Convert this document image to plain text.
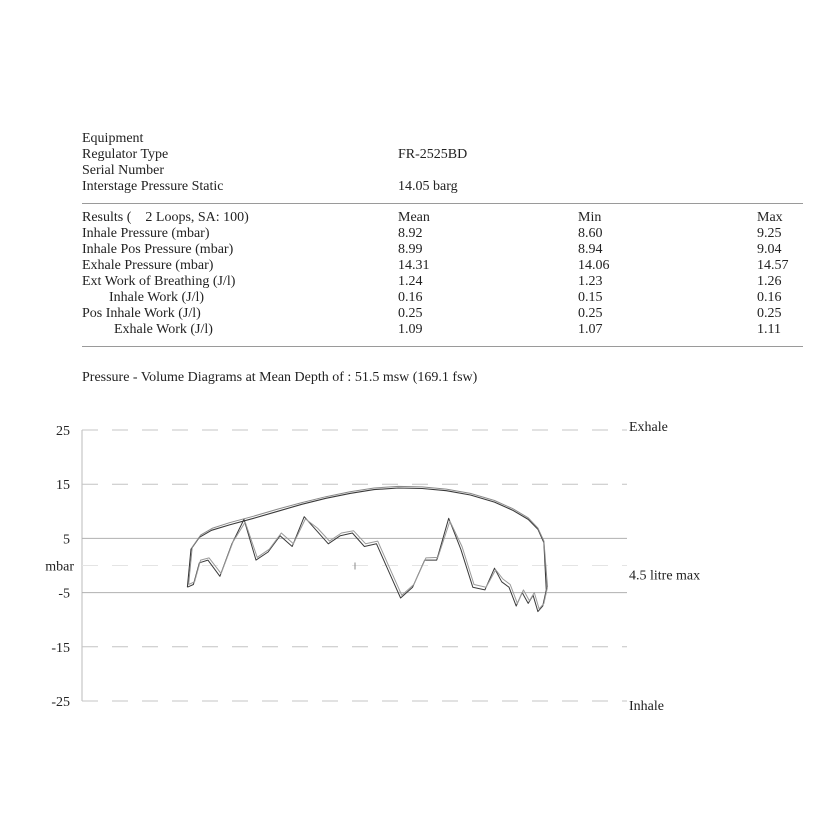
Equipment
Regulator Type	FR-2525BD
Serial Number
Interstage Pressure Static	14.05 barg
Results (    2 Loops, SA: 100)	Mean	Min	Max
Inhale Pressure (mbar)	8.92	8.60	9.25
Inhale Pos Pressure (mbar)	8.99	8.94	9.04
Exhale Pressure (mbar)	14.31	14.06	14.57
Ext Work of Breathing (J/l)	1.24	1.23	1.26
Inhale Work (J/l)	0.16	0.15	0.16
Pos Inhale Work (J/l)	0.25	0.25	0.25
Exhale Work (J/l)	1.09	1.07	1.11
Pressure - Volume Diagrams at Mean Depth of : 51.5 msw (169.1 fsw)
25
15
5
-5
-15
-25
mbar
Exhale
4.5 litre max
Inhale
